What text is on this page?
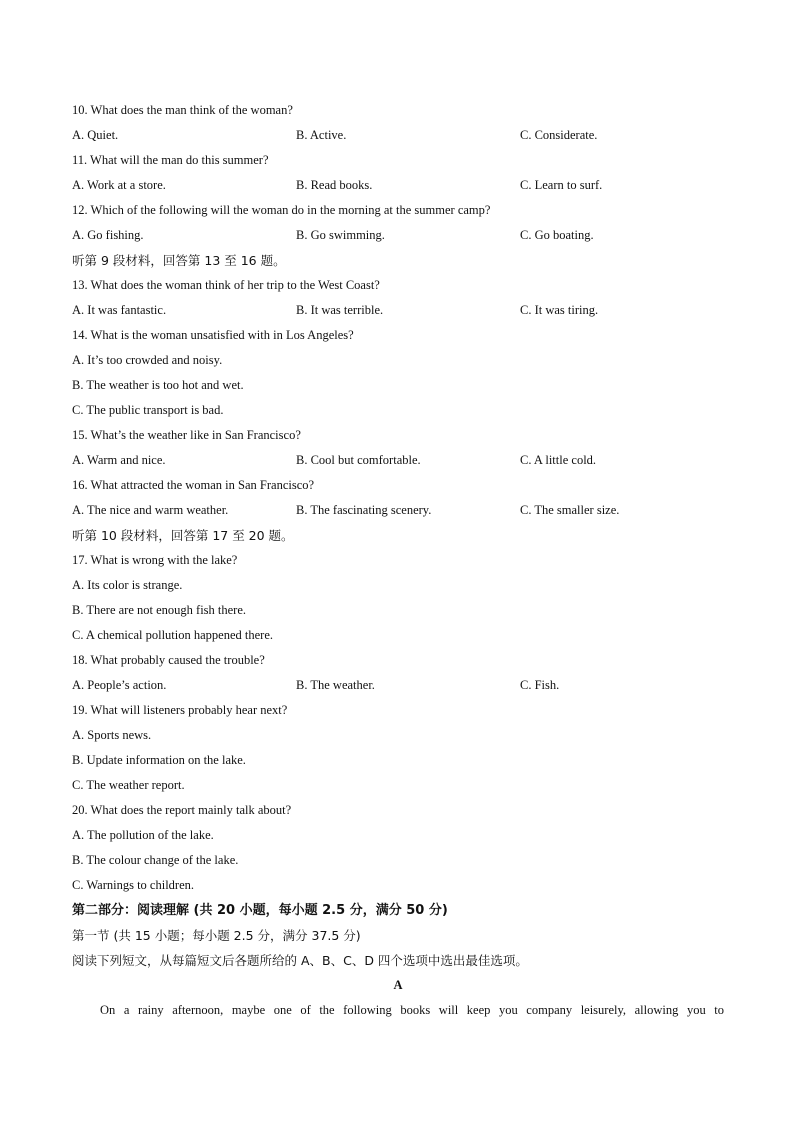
10. What does the man think of the woman?
A. Quiet.	B. Active.	C. Considerate.
11. What will the man do this summer?
A. Work at a store.	B. Read books.	C. Learn to surf.
12. Which of the following will the woman do in the morning at the summer camp?
A. Go fishing.	B. Go swimming.	C. Go boating.
听第 9 段材料，回答第 13 至 16 题。
13. What does the woman think of her trip to the West Coast?
A. It was fantastic.	B. It was terrible.	C. It was tiring.
14. What is the woman unsatisfied with in Los Angeles?
A. It’s too crowded and noisy.
B. The weather is too hot and wet.
C. The public transport is bad.
15. What’s the weather like in San Francisco?
A. Warm and nice.	B. Cool but comfortable.	C. A little cold.
16. What attracted the woman in San Francisco?
A. The nice and warm weather.	B. The fascinating scenery.	C. The smaller size.
听第 10 段材料，回答第 17 至 20 题。
17. What is wrong with the lake?
A. Its color is strange.
B. There are not enough fish there.
C. A chemical pollution happened there.
18. What probably caused the trouble?
A. People’s action.	B. The weather.	C. Fish.
19. What will listeners probably hear next?
A. Sports news.
B. Update information on the lake.
C. The weather report.
20. What does the report mainly talk about?
A. The pollution of the lake.
B. The colour change of the lake.
C. Warnings to children.
第二部分：阅读理解 (共 20 小题，每小题 2.5 分，满分 50 分)
第一节 (共 15 小题；每小题 2.5 分，满分 37.5 分)
阅读下列短文，从每篇短文后各题所给的 A、B、C、D 四个选项中选出最佳选项。
A
On a rainy afternoon, maybe one of the following books will keep you company leisurely, allowing you to
